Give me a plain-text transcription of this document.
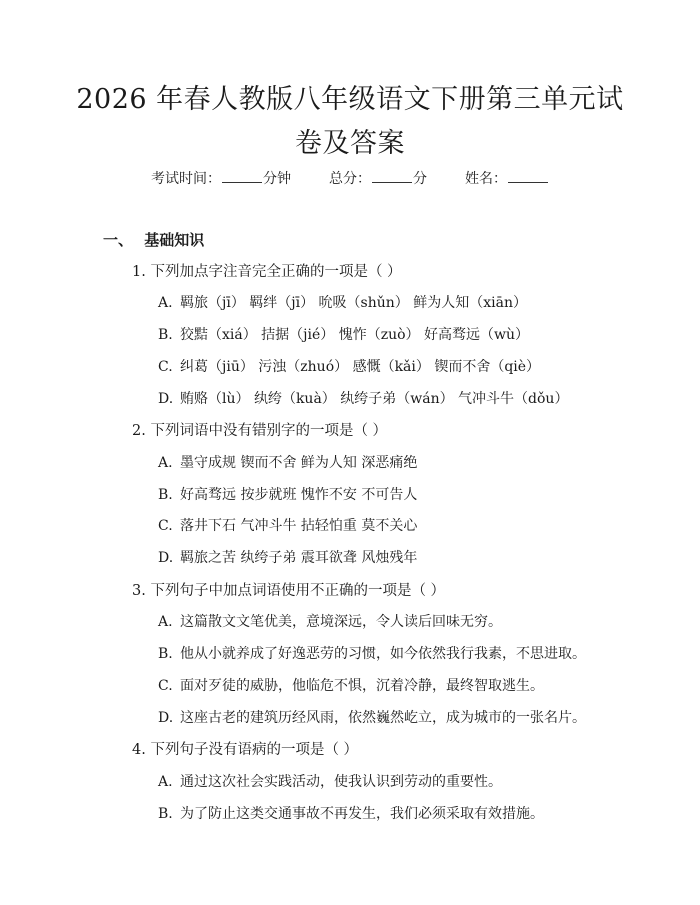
2026 年春人教版八年级语文下册第三单元试
卷及答案
考试时间：	分钟	总分：	分	姓名：
一、 基础知识
1. 下列加点字注音完全正确的一项是（ ）
A. 羁旅（jī） 羁绊（jī） 吮吸（shǔn） 鲜为人知（xiān）
B. 狡黠（xiá） 拮据（jié） 愧怍（zuò） 好高骛远（wù）
C. 纠葛（jiū） 污浊（zhuó） 感慨（kǎi） 锲而不舍（qiè）
D. 贿赂（lù） 纨绔（kuà） 纨绔子弟（wán） 气冲斗牛（dǒu）
2. 下列词语中没有错别字的一项是（ ）
A. 墨守成规 锲而不舍 鲜为人知 深恶痛绝
B. 好高骛远 按步就班 愧怍不安 不可告人
C. 落井下石 气冲斗牛 拈轻怕重 莫不关心
D. 羁旅之苦 纨绔子弟 震耳欲聋 风烛残年
3. 下列句子中加点词语使用不正确的一项是（ ）
A. 这篇散文文笔优美，意境深远，令人读后回味无穷。
B. 他从小就养成了好逸恶劳的习惯，如今依然我行我素，不思进取。
C. 面对歹徒的威胁，他临危不惧，沉着冷静，最终智取逃生。
D. 这座古老的建筑历经风雨，依然巍然屹立，成为城市的一张名片。
4. 下列句子没有语病的一项是（ ）
A. 通过这次社会实践活动，使我认识到劳动的重要性。
B. 为了防止这类交通事故不再发生，我们必须采取有效措施。
